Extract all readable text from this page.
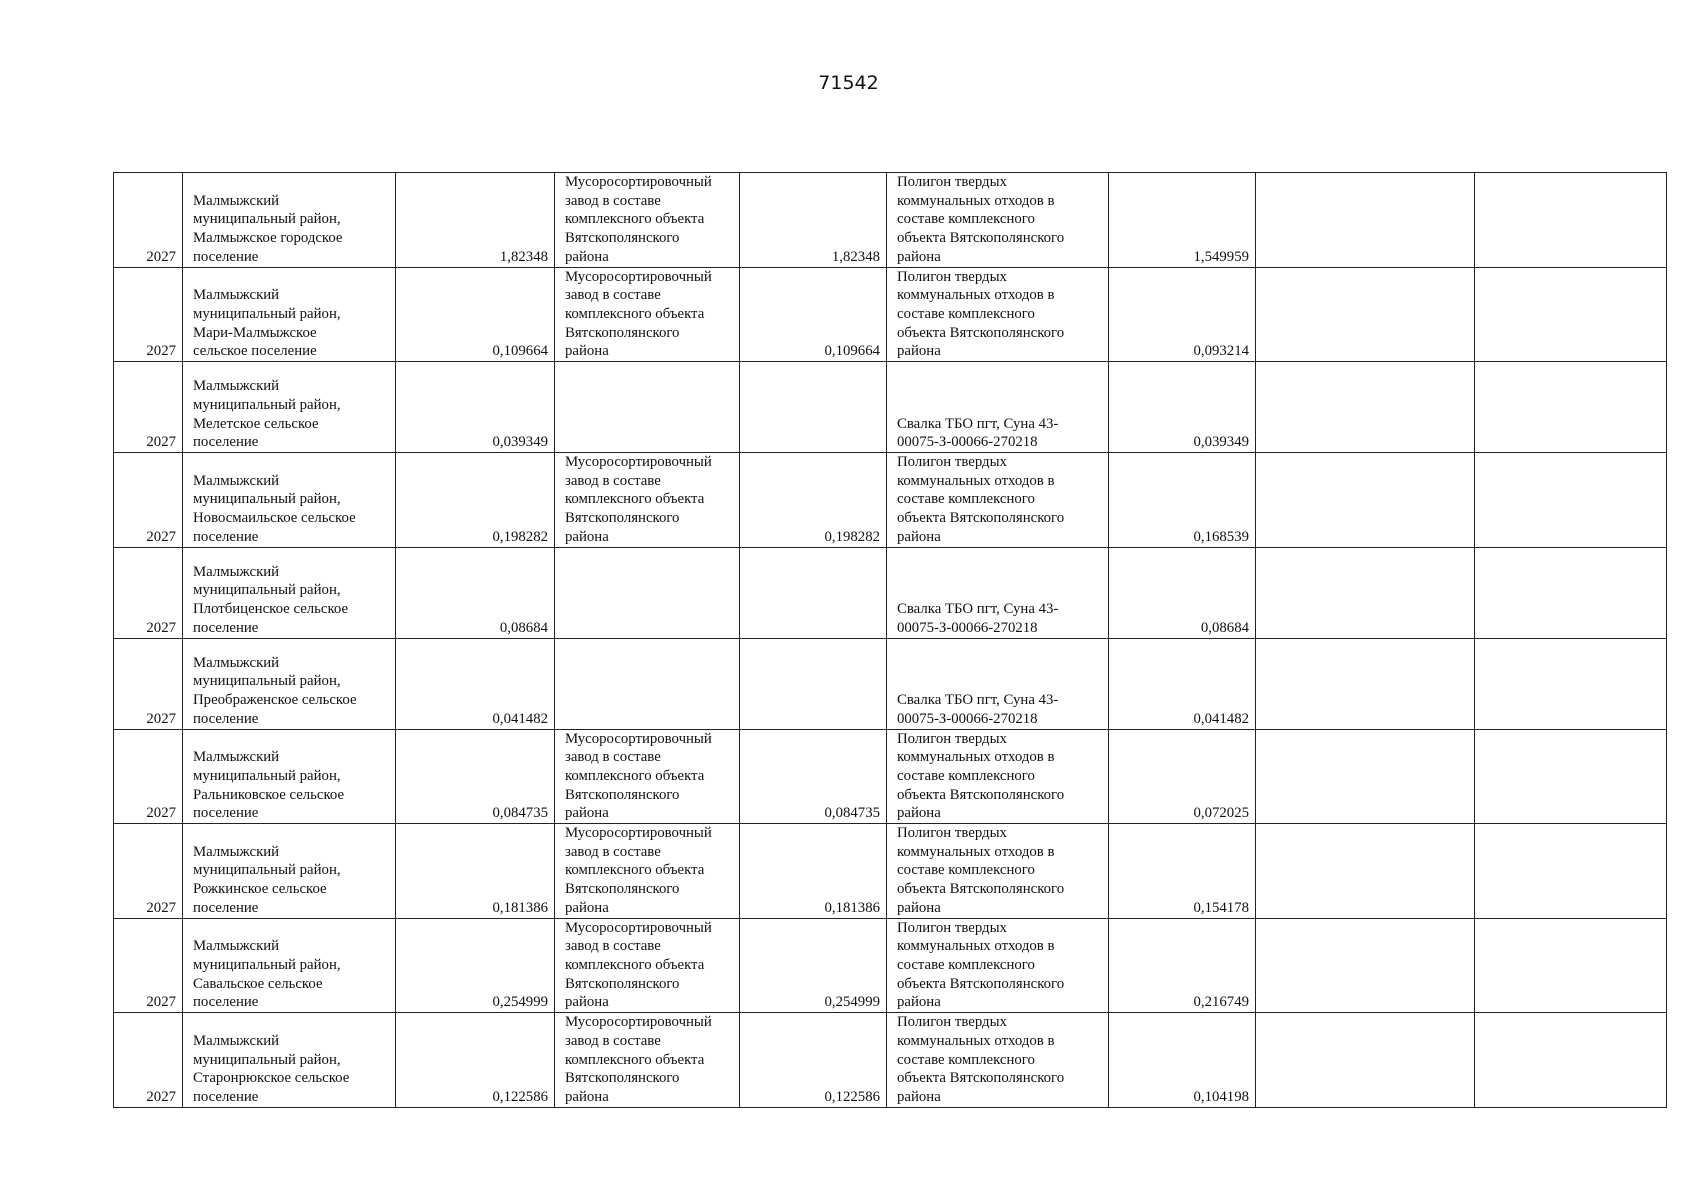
71542
2027	Малмыжский
муниципальный район,
Малмыжское городское
поселение	1,82348	Мусоросортировочный
завод в составе
комплексного объекта
Вятскополянского
района	1,82348	Полигон твердых
коммунальных отходов в
составе комплексного
объекта Вятскополянского
района	1,549959		

2027	Малмыжский
муниципальный район,
Мари-Малмыжское
сельское поселение	0,109664	Мусоросортировочный
завод в составе
комплексного объекта
Вятскополянского
района	0,109664	Полигон твердых
коммунальных отходов в
составе комплексного
объекта Вятскополянского
района	0,093214		

2027	Малмыжский
муниципальный район,
Мелетское сельское
поселение	0,039349			Свалка ТБО пгт, Суна 43-
00075-З-00066-270218	0,039349		

2027	Малмыжский
муниципальный район,
Новосмаильское сельское
поселение	0,198282	Мусоросортировочный
завод в составе
комплексного объекта
Вятскополянского
района	0,198282	Полигон твердых
коммунальных отходов в
составе комплексного
объекта Вятскополянского
района	0,168539		

2027	Малмыжский
муниципальный район,
Плотбиценское сельское
поселение	0,08684			Свалка ТБО пгт, Суна 43-
00075-З-00066-270218	0,08684		

2027	Малмыжский
муниципальный район,
Преображенское сельское
поселение	0,041482			Свалка ТБО пгт, Суна 43-
00075-З-00066-270218	0,041482		

2027	Малмыжский
муниципальный район,
Ральниковское сельское
поселение	0,084735	Мусоросортировочный
завод в составе
комплексного объекта
Вятскополянского
района	0,084735	Полигон твердых
коммунальных отходов в
составе комплексного
объекта Вятскополянского
района	0,072025		

2027	Малмыжский
муниципальный район,
Рожкинское сельское
поселение	0,181386	Мусоросортировочный
завод в составе
комплексного объекта
Вятскополянского
района	0,181386	Полигон твердых
коммунальных отходов в
составе комплексного
объекта Вятскополянского
района	0,154178		

2027	Малмыжский
муниципальный район,
Савальское сельское
поселение	0,254999	Мусоросортировочный
завод в составе
комплексного объекта
Вятскополянского
района	0,254999	Полигон твердых
коммунальных отходов в
составе комплексного
объекта Вятскополянского
района	0,216749		

2027	Малмыжский
муниципальный район,
Старонрюкское сельское
поселение	0,122586	Мусоросортировочный
завод в составе
комплексного объекта
Вятскополянского
района	0,122586	Полигон твердых
коммунальных отходов в
составе комплексного
объекта Вятскополянского
района	0,104198		
